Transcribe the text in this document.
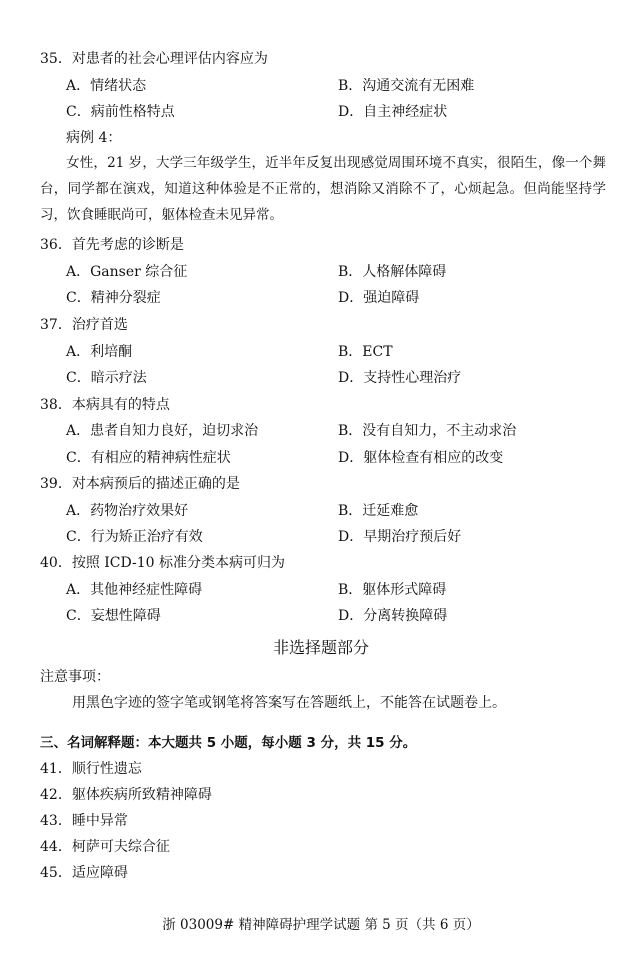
35．对患者的社会心理评估内容应为
A．情绪状态	B．沟通交流有无困难
C．病前性格特点	D．自主神经症状
病例 4：
女性，21 岁，大学三年级学生，近半年反复出现感觉周围环境不真实，很陌生，像一个舞台，同学都在演戏，知道这种体验是不正常的，想消除又消除不了，心烦起急。但尚能坚持学习，饮食睡眠尚可，躯体检查未见异常。
36．首先考虑的诊断是
A．Ganser 综合征	B．人格解体障碍
C．精神分裂症	D．强迫障碍
37．治疗首选
A．利培酮	B．ECT
C．暗示疗法	D．支持性心理治疗
38．本病具有的特点
A．患者自知力良好，迫切求治	B．没有自知力，不主动求治
C．有相应的精神病性症状	D．躯体检查有相应的改变
39．对本病预后的描述正确的是
A．药物治疗效果好	B．迁延难愈
C．行为矫正治疗有效	D．早期治疗预后好
40．按照 ICD-10 标准分类本病可归为
A．其他神经症性障碍	B．躯体形式障碍
C．妄想性障碍	D．分离转换障碍
非选择题部分
注意事项：
用黑色字迹的签字笔或钢笔将答案写在答题纸上，不能答在试题卷上。
三、名词解释题：本大题共 5 小题，每小题 3 分，共 15 分。
41．顺行性遗忘
42．躯体疾病所致精神障碍
43．睡中异常
44．柯萨可夫综合征
45．适应障碍
浙 03009# 精神障碍护理学试题 第 5 页（共 6 页）
